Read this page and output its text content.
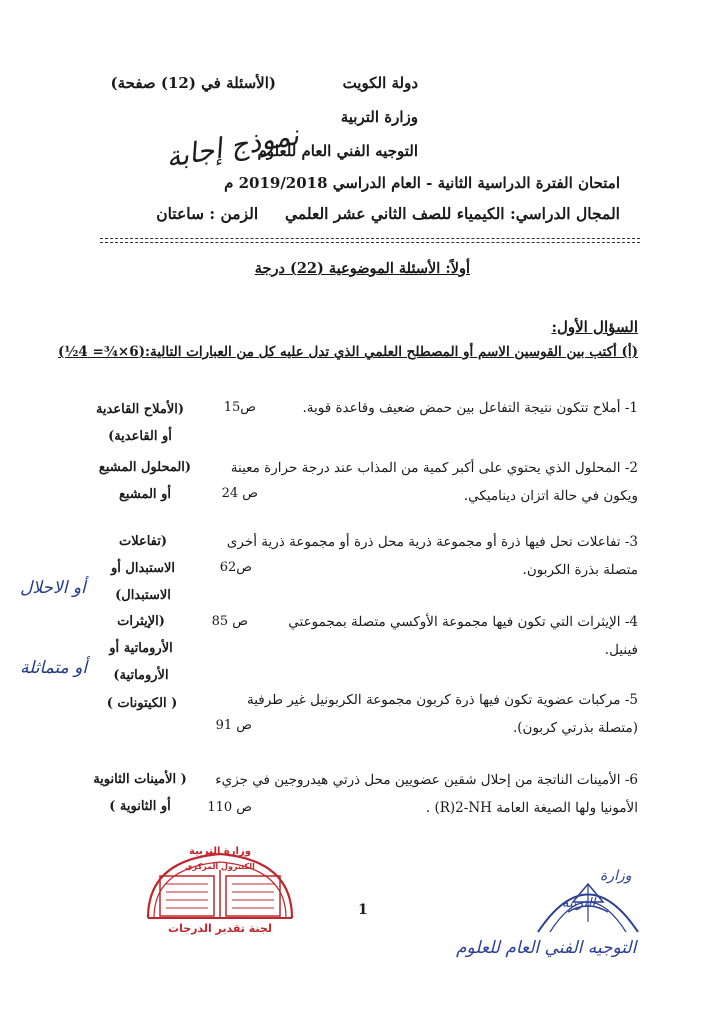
دولة الكويت
(الأسئلة في (12) صفحة)
وزارة التربية
التوجيه الفني العام للعلوم
نموذج إجابة
امتحان الفترة الدراسية الثانية - العام الدراسي 2019/2018 م
المجال الدراسي: الكيمياء للصف الثاني عشر العلمي  الزمن : ساعتان
أولاً: الأسئلة الموضوعية (22) درجة
السؤال الأول:
(أ) أكتب بين القوسين الاسم أو المصطلح العلمي الذي تدل عليه كل من العبارات التالية:(6×¾= 4½)
1- أملاح تتكون نتيجة التفاعل بين حمض ضعيف وقاعدة قوية.
ص15
(الأملاح القاعدية
أو القاعدية)
2- المحلول الذي يحتوي على أكبر كمية من المذاب عند درجة حرارة معينة ويكون في حالة اتزان ديناميكي.
ص 24
(المحلول المشبع
أو المشبع
3- تفاعلات تحل فيها ذرة أو مجموعة ذرية محل ذرة أو مجموعة ذرية أخرى متصلة بذرة الكربون.
ص62
(تفاعلات
الاستبدال أو
الاستبدال)
أو الاحلال
4- الإيثرات التي تكون فيها مجموعة الأوكسي متصلة بمجموعتي فينيل.
ص 85
(الإيثرات
الأروماتية أو
الأروماتية)
أو متماثلة
5- مركبات عضوية تكون فيها ذرة كربون مجموعة الكربونيل غير طرفية (متصلة بذرتي كربون).
ص 91
( الكيتونات )
6- الأمينات الناتجة من إحلال شقين عضويين محل ذرتي هيدروجين في جزيء الأمونيا ولها الصيغة العامة R)2-NH) .
ص 110
( الأمينات الثانوية
أو الثانوية )
1
وزارة التربية
الكنترول المركزي
لجنة تقدير الدرجات
وزارة
التربية
التوجيه الفني العام للعلوم
